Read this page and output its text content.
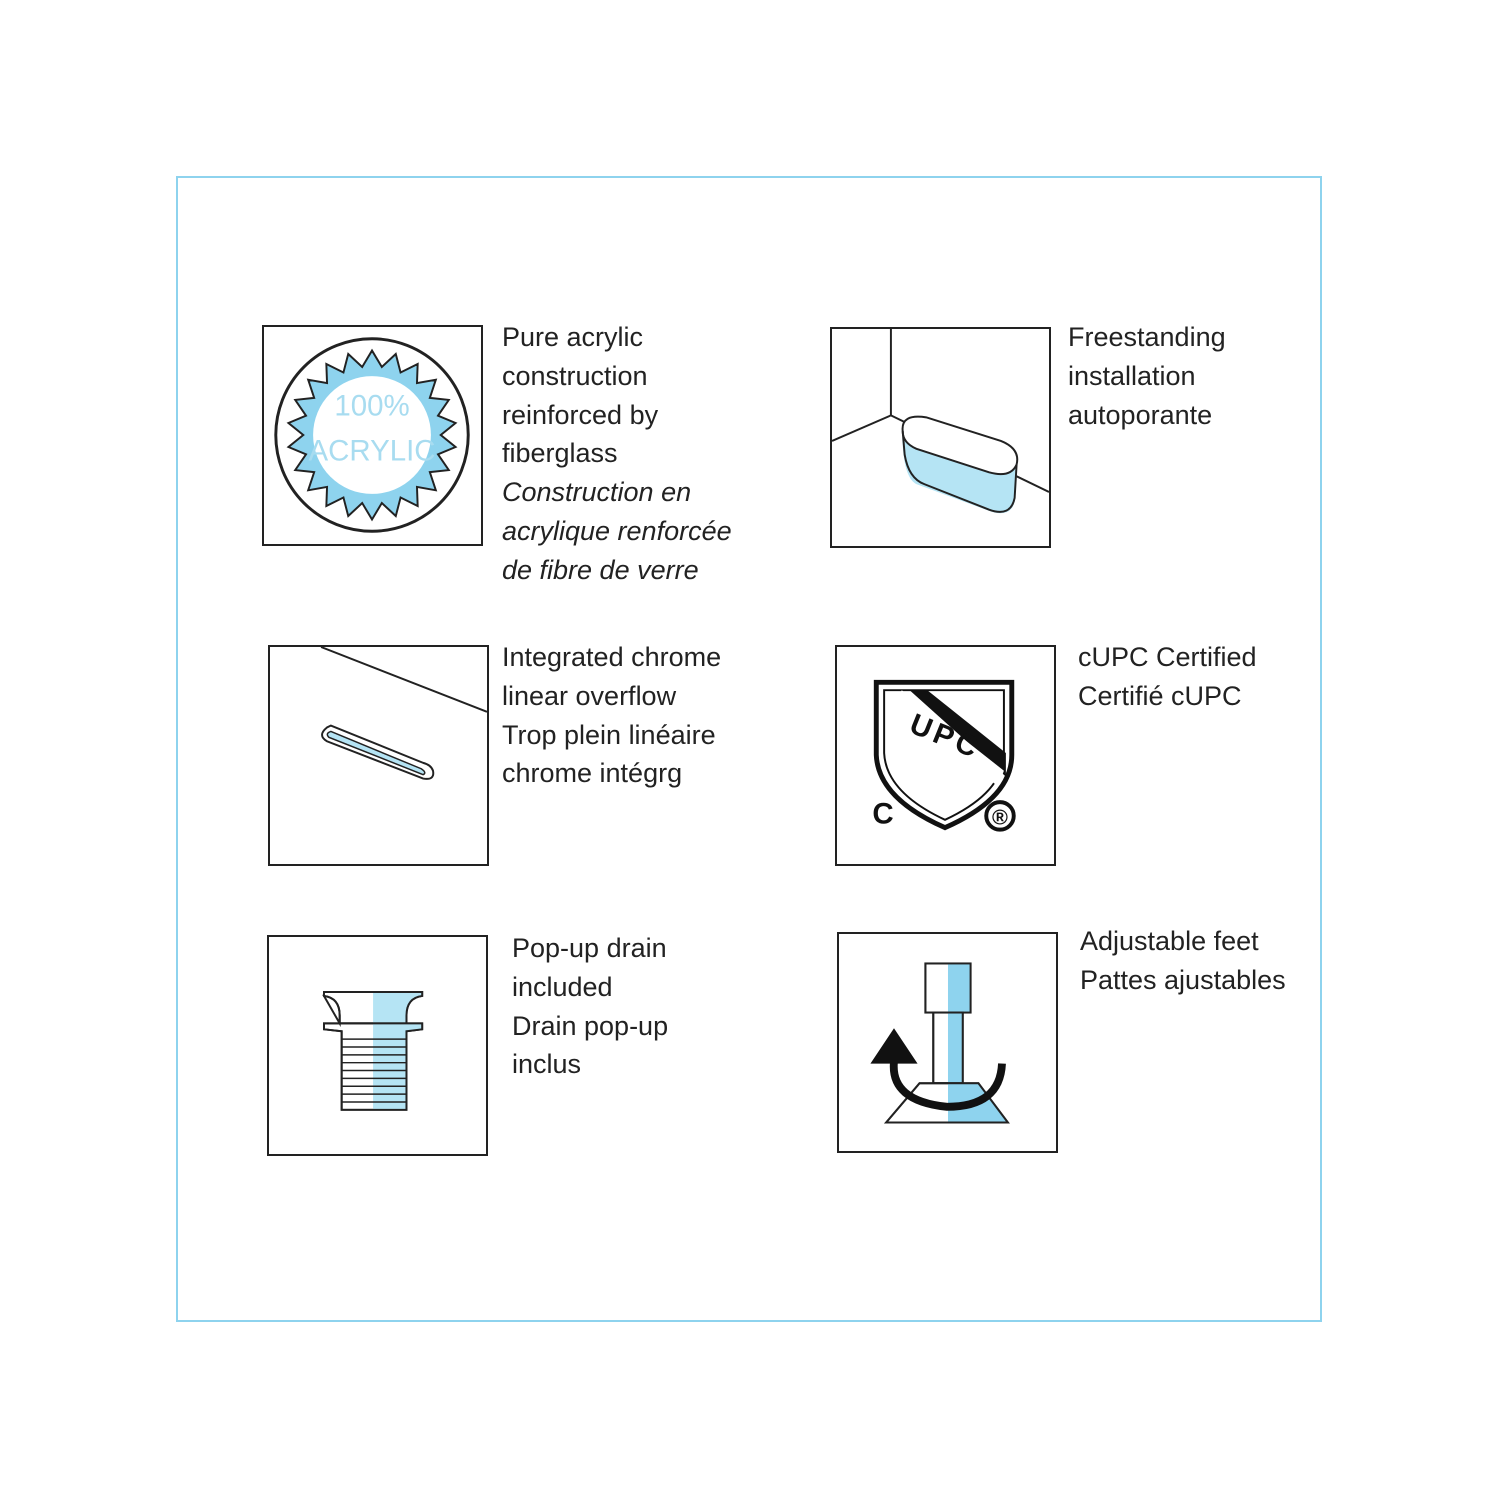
100%
ACRYLIC
Pure acrylic
construction
reinforced by
fiberglass
Construction en
acrylique renforcée
de fibre de verre
Freestanding
installation
autoporante
Integrated chrome
linear overflow
Trop plein linéaire
chrome intégrg
UPC
C	®
cUPC Certified
Certifié cUPC
Pop-up drain
included
Drain pop-up
inclus
Adjustable feet
Pattes ajustables
